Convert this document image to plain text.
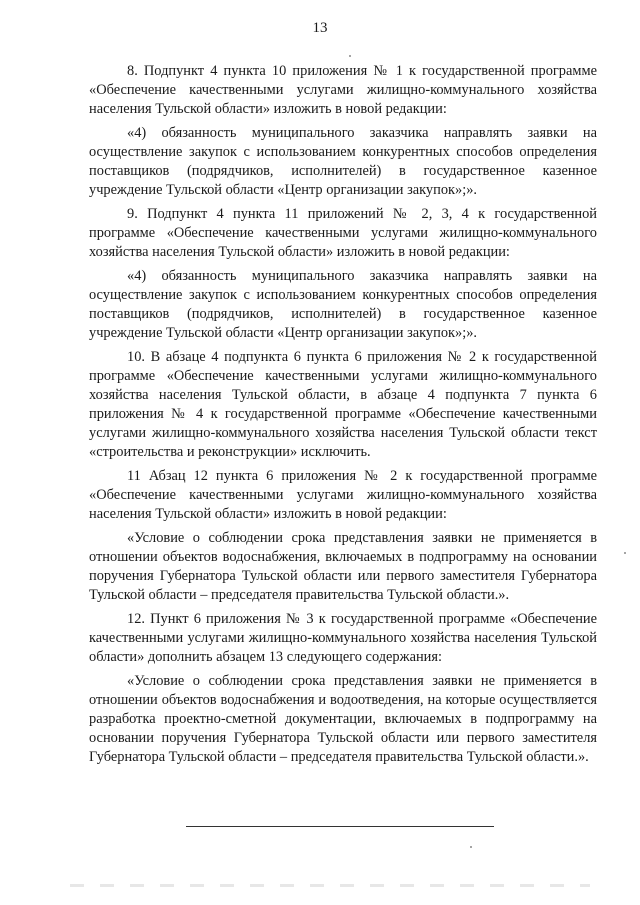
13

8. Подпункт 4 пункта 10 приложения № 1 к государственной программе «Обеспечение качественными услугами жилищно-коммунального хозяйства населения Тульской области» изложить в новой редакции:

«4) обязанность муниципального заказчика направлять заявки на осуществление закупок с использованием конкурентных способов определения поставщиков (подрядчиков, исполнителей) в государственное казенное учреждение Тульской области «Центр организации закупок»;».

9. Подпункт 4 пункта 11 приложений № 2, 3, 4 к государственной программе «Обеспечение качественными услугами жилищно-коммунального хозяйства населения Тульской области» изложить в новой редакции:

«4) обязанность муниципального заказчика направлять заявки на осуществление закупок с использованием конкурентных способов определения поставщиков (подрядчиков, исполнителей) в государственное казенное учреждение Тульской области «Центр организации закупок»;».

10. В абзаце 4 подпункта 6 пункта 6 приложения № 2 к государственной программе «Обеспечение качественными услугами жилищно-коммунального хозяйства населения Тульской области, в абзаце 4 подпункта 7 пункта 6 приложения № 4 к государственной программе «Обеспечение качественными услугами жилищно-коммунального хозяйства населения Тульской области текст «строительства и реконструкции» исключить.

11 Абзац 12 пункта 6 приложения № 2 к государственной программе «Обеспечение качественными услугами жилищно-коммунального хозяйства населения Тульской области» изложить в новой редакции:

«Условие о соблюдении срока представления заявки не применяется в отношении объектов водоснабжения, включаемых в подпрограмму на основании поручения Губернатора Тульской области или первого заместителя Губернатора Тульской области – председателя правительства Тульской области.».

12. Пункт 6 приложения № 3 к государственной программе «Обеспечение качественными услугами жилищно-коммунального хозяйства населения Тульской области» дополнить абзацем 13 следующего содержания:

«Условие о соблюдении срока представления заявки не применяется в отношении объектов водоснабжения и водоотведения, на которые осуществляется разработка проектно-сметной документации, включаемых в подпрограмму на основании поручения Губернатора Тульской области или первого заместителя Губернатора Тульской области – председателя правительства Тульской области.».
